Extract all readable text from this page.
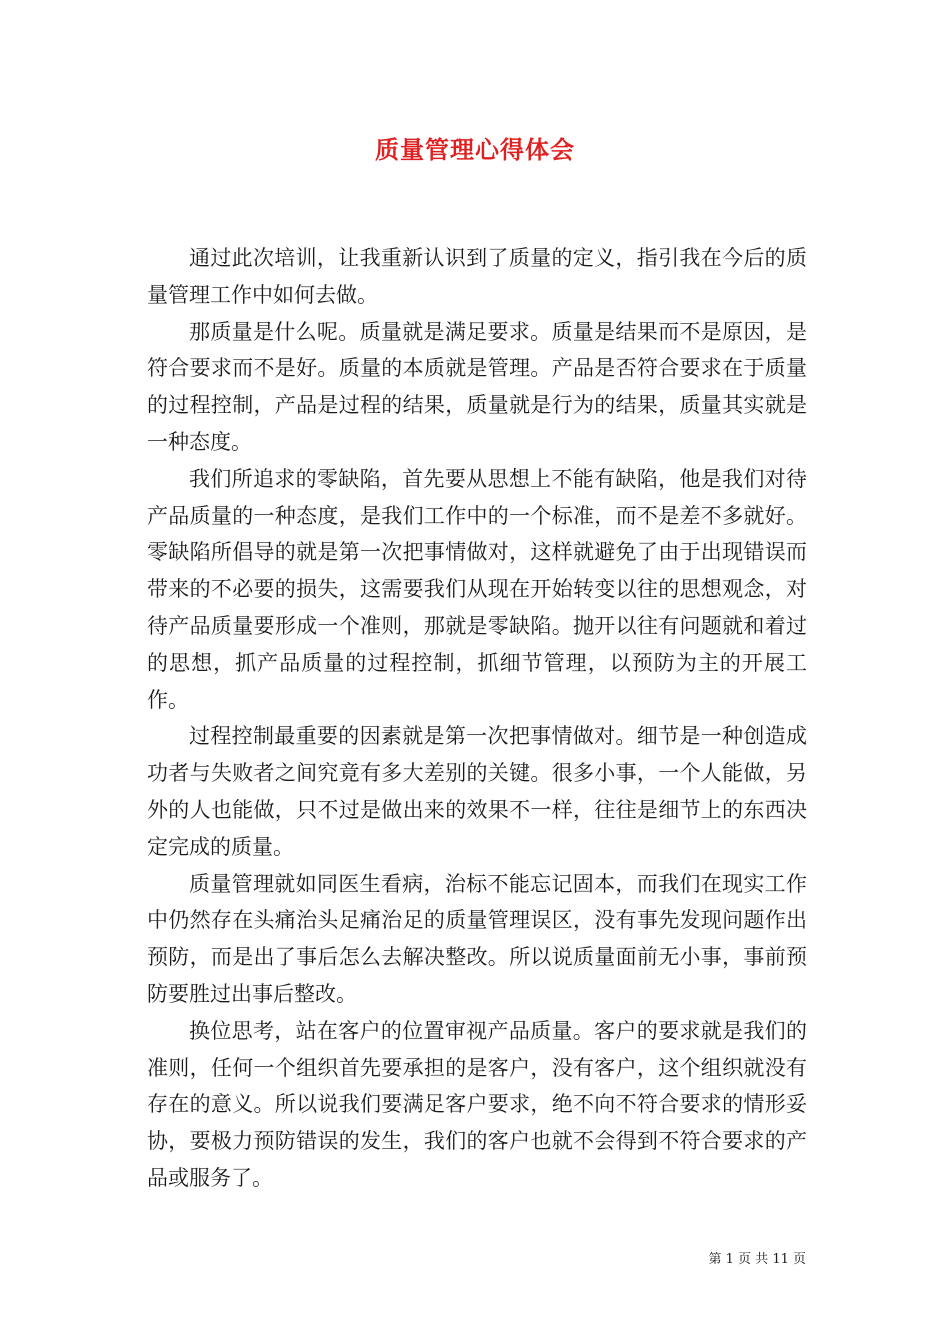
质量管理心得体会

通过此次培训，让我重新认识到了质量的定义，指引我在今后的质量管理工作中如何去做。

那质量是什么呢。质量就是满足要求。质量是结果而不是原因，是符合要求而不是好。质量的本质就是管理。产品是否符合要求在于质量的过程控制，产品是过程的结果，质量就是行为的结果，质量其实就是一种态度。

我们所追求的零缺陷，首先要从思想上不能有缺陷，他是我们对待产品质量的一种态度，是我们工作中的一个标准，而不是差不多就好。零缺陷所倡导的就是第一次把事情做对，这样就避免了由于出现错误而带来的不必要的损失，这需要我们从现在开始转变以往的思想观念，对待产品质量要形成一个准则，那就是零缺陷。抛开以往有问题就和着过的思想，抓产品质量的过程控制，抓细节管理，以预防为主的开展工作。

过程控制最重要的因素就是第一次把事情做对。细节是一种创造成功者与失败者之间究竟有多大差别的关键。很多小事，一个人能做，另外的人也能做，只不过是做出来的效果不一样，往往是细节上的东西决定完成的质量。

质量管理就如同医生看病，治标不能忘记固本，而我们在现实工作中仍然存在头痛治头足痛治足的质量管理误区，没有事先发现问题作出预防，而是出了事后怎么去解决整改。所以说质量面前无小事，事前预防要胜过出事后整改。

换位思考，站在客户的位置审视产品质量。客户的要求就是我们的准则，任何一个组织首先要承担的是客户，没有客户，这个组织就没有存在的意义。所以说我们要满足客户要求，绝不向不符合要求的情形妥协，要极力预防错误的发生，我们的客户也就不会得到不符合要求的产品或服务了。

第 1 页 共 11 页
